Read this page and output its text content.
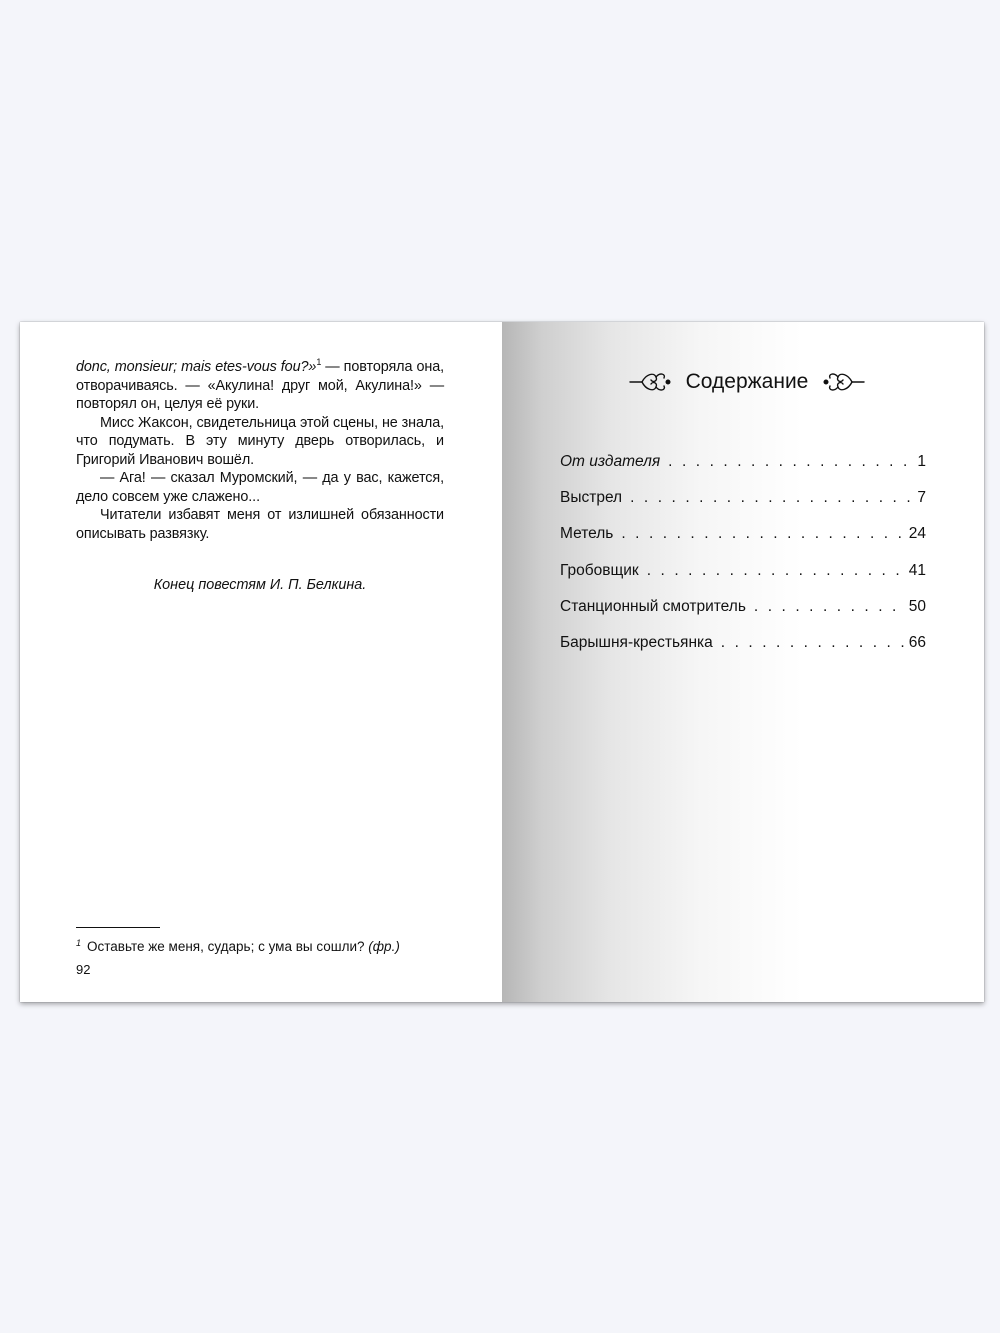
donc, monsieur; mais etes-vous fou?»$^1$ — повторяла она, отворачиваясь. — «Акулина! друг мой, Акулина!» — повторял он, целуя её руки.

Мисс Жаксон, свидетельница этой сцены, не знала, что подумать. В эту минуту дверь отворилась, и Григорий Иванович вошёл.

— Ага! — сказал Муромский, — да у вас, кажется, дело совсем уже слажено...

Читатели избавят меня от излишней обязанности описывать развязку.

Конец повестям И. П. Белкина.
$^1$ Оставьте же меня, сударь; с ума вы сошли? (фр.)
92
Содержание
От издателя . . .	1
Выстрел . . .	7
Метель . . .	24
Гробовщик . . .	41
Станционный смотритель . . .	50
Барышня-крестьянка . . .	66
